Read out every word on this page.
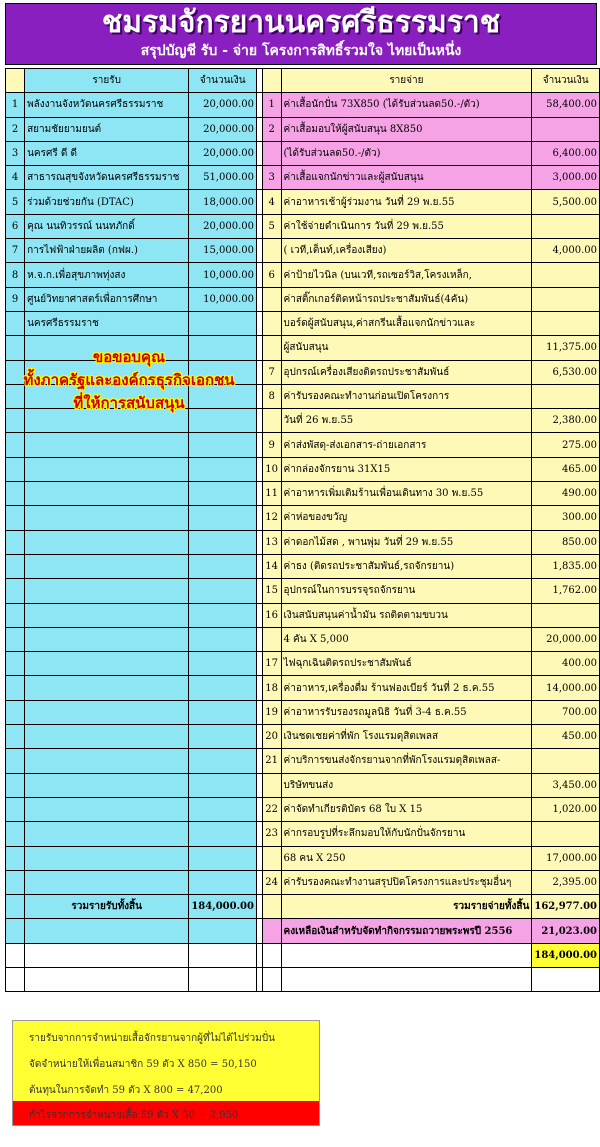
ชมรมจักรยานนครศรีธรรมราช
สรุปบัญชี รับ - จ่าย โครงการสิทธิ์รวมใจ ไทยเป็นหนึ่ง
	รายรับ	จำนวนเงิน			รายจ่าย	จำนวนเงิน
1	พลังงานจังหวัดนครศรีธรรมราช	20,000.00		1	ค่าเสื้อนักปั่น 73X850 (ได้รับส่วนลด50.-/ตัว)	58,400.00
2	สยามชัยยามยนต์	20,000.00		2	ค่าเสื้อมอบให้ผู้สนับสนุน 8X850	
3	นครศรี ดี ดี	20,000.00			(ได้รับส่วนลด50.-/ตัว)	6,400.00
4	สาธารณสุขจังหวัดนครศรีธรรมราช	51,000.00		3	ค่าเสื้อแจกนักข่าวและผู้สนับสนุน	3,000.00
5	ร่วมด้วยช่วยกัน (DTAC)	18,000.00		4	ค่าอาหารเช้าผู้ร่วมงาน วันที่ 29 พ.ย.55	5,500.00
6	คุณ นนทิวรรณ์ นนทภักดิ์	20,000.00		5	ค่าใช้จ่ายดำเนินการ วันที่ 29 พ.ย.55	
7	การไฟฟ้าฝ่ายผลิต (กฟผ.)	15,000.00			( เวที,เต็นท์,เครื่องเสียง)	4,000.00
8	ห.จ.ก.เพื่อสุขภาพทุ่งสง	10,000.00		6	ค่าป้ายไวนิล (บนเวที,รถเซอร์วิส,โครงเหล็ก,	
9	ศูนย์วิทยาศาสตร์เพื่อการศึกษา	10,000.00			ค่าสติ๊กเกอร์ติดหน้ารถประชาสัมพันธ์(4คัน)	
	นครศรีธรรมราช				บอร์ดผู้สนับสนุน,ค่าสกรีนเสื้อแจกนักข่าวและ	
					ผู้สนับสนุน	11,375.00
				7	อุปกรณ์เครื่องเสียงติดรถประชาสัมพันธ์	6,530.00
				8	ค่ารับรองคณะทำงานก่อนเปิดโครงการ	
					วันที่ 26 พ.ย.55	2,380.00
				9	ค่าส่งพัสดุ-ส่งเอกสาร-ถ่ายเอกสาร	275.00
				10	ค่ากล่องจักรยาน 31X15	465.00
				11	ค่าอาหารเพิ่มเติมร้านเพื่อนเดินทาง 30 พ.ย.55	490.00
				12	ค่าห่อของขวัญ	300.00
				13	ค่าดอกไม้สด , พานพุ่ม วันที่ 29 พ.ย.55	850.00
				14	ค่าธง (ติดรถประชาสัมพันธ์,รถจักรยาน)	1,835.00
				15	อุปกรณ์ในการบรรจุรถจักรยาน	1,762.00
				16	เงินสนับสนุนค่าน้ำมัน รถติดตามขบวน	
					4 คัน X 5,000	20,000.00
				17	ไฟฉุกเฉินติดรถประชาสัมพันธ์	400.00
				18	ค่าอาหาร,เครื่องดื่ม ร้านฟองเบียร์ วันที่ 2 ธ.ค.55	14,000.00
				19	ค่าอาหารรับรองรถมูลนิธิ วันที่ 3-4 ธ.ค.55	700.00
				20	เงินชดเชยค่าที่พัก โรงแรมดุสิตเพลส	450.00
				21	ค่าบริการขนส่งจักรยานจากที่พักโรงแรมดุสิตเพลส-	
					บริษัทขนส่ง	3,450.00
				22	ค่าจัดทำเกียรติบัตร 68 ใบ X 15	1,020.00
				23	ค่ากรอบรูปที่ระลึกมอบให้กับนักปั่นจักรยาน	
					68 คน X 250	17,000.00
				24	ค่ารับรองคณะทำงานสรุปปิดโครงการและประชุมอื่นๆ	2,395.00
	รวมรายรับทั้งสิ้น	184,000.00			รวมรายจ่ายทั้งสิ้น	162,977.00
					คงเหลือเงินสำหรับจัดทำกิจกรรมถวายพระพรปี 2556	21,023.00
						184,000.00

ขอขอบคุณ
ทั้งภาครัฐและองค์กรธุรกิจเอกชน
ที่ให้การสนับสนุน
รายรับจากการจำหน่ายเสื้อจักรยานจากผู้ที่ไม่ได้ไปร่วมปั่น
จัดจำหน่ายให้เพื่อนสมาชิก 59 ตัว X 850 = 50,150
ต้นทุนในการจัดทำ 59 ตัว X 800 = 47,200
กำไรจากการจำหน่ายเสื้อ 59 ตัว X 50 = 2,950
[1000x1889] http://upic.me/
